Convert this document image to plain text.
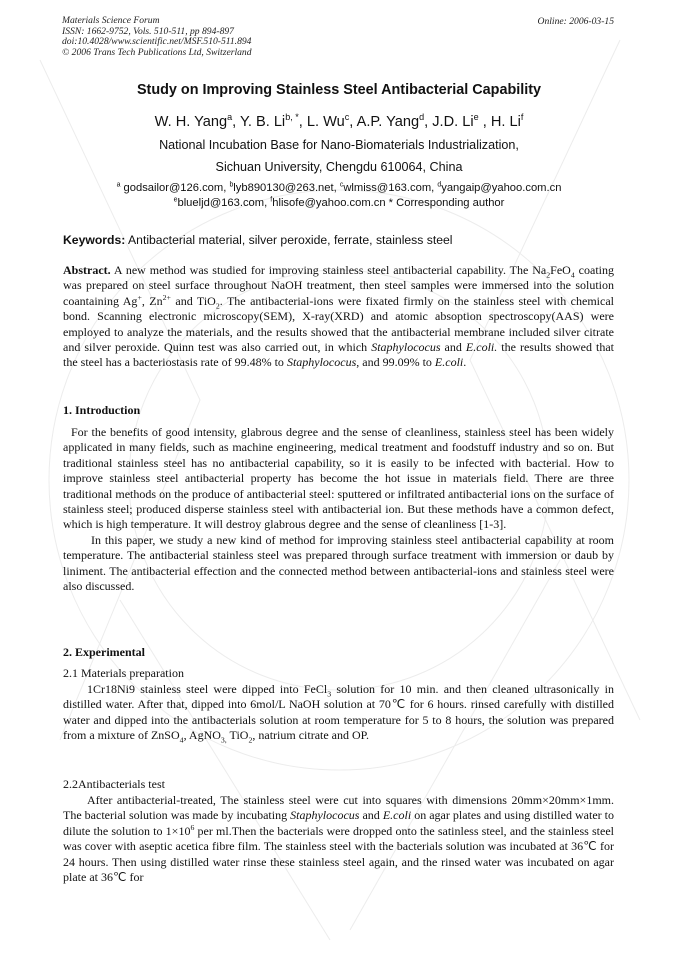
Materials Science Forum
ISSN: 1662-9752, Vols. 510-511, pp 894-897
doi:10.4028/www.scientific.net/MSF.510-511.894
© 2006 Trans Tech Publications Ltd, Switzerland
Online: 2006-03-15
Study on Improving Stainless Steel Antibacterial Capability
W. H. Yang$^a$, Y. B. $Li^{b, *}$, L. Wu$^c$, A.P. Yang$^d$, J.D. Li$^e$ , H. Li$^f$
National Incubation Base for Nano-Biomaterials Industrialization,
Sichuan University, Chengdu 610064, China
$^a$ godsailor@126.com, $^b$lyb890130@263.net, $^c$wlmiss@163.com, $^d$yangaip@yahoo.com.cn
$^e$blueljd@163.com, $^f$hlisofe@yahoo.com.cn * Corresponding author
Keywords: Antibacterial material, silver peroxide, ferrate, stainless steel

Abstract. A new method was studied for improving stainless steel antibacterial capability. The $Na_2FeO_4$ coating was prepared on steel surface throughout NaOH treatment, then steel samples were immersed into the solution coantaining Ag+, $Zn^{2+}$ and TiO$_2$. The antibacterial-ions were fixated firmly on the stainless steel with chemical bond. Scanning electronic microscopy(SEM), X-ray(XRD) and atomic absoption spectroscopy(AAS) were employed to analyze the materials, and the results showed that the antibacterial membrane included silver citrate and silver peroxide. Quinn test was also carried out, in which Staphylococus and E.coli. the results showed that the steel has a bacteriostasis rate of 99.48% to Staphylococus, and 99.09% to E.coli.

1. Introduction

For the benefits of good intensity, glabrous degree and the sense of cleanliness, stainless steel has been widely applicated in many fields, such as machine engineering, medical treatment and foodstuff industry and so on. But traditional stainless steel has no antibacterial capability, so it is easily to be infected with bacterial. How to improve stainless steel antibacterial property has become the hot issue in materials field. There are three traditional methods on the produce of antibacterial steel: sputtered or infiltrated antibacterial ions on the surface of stainless steel; produced disperse stainless steel with antibacterial ion. But these methods have a common defect, which is high temperature. It will destroy glabrous degree and the sense of cleanliness [1-3].

In this paper, we study a new kind of method for improving stainless steel antibacterial capability at room temperature. The antibacterial stainless steel was prepared through surface treatment with immersion or daub by liniment. The antibacterial effection and the connected method between antibacterial-ions and stainless steel were also discussed.

2. Experimental
2.1 Materials preparation

1Cr18Ni9 stainless steel were dipped into FeCl$_3$ solution for 10 min. and then cleaned ultrasonically in distilled water. After that, dipped into 6mol/L NaOH solution at 70℃ for 6 hours. rinsed carefully with distilled water and dipped into the antibacterials solution at room temperature for 5 to 8 hours, the solution was prepared from a mixture of ZnSO$_4$, AgNO$_{3,}$ TiO$_2$, natrium citrate and OP.

2.2Antibacterials test

After antibacterial-treated, The stainless steel were cut into squares with dimensions 20mm×20mm×1mm. The bacterial solution was made by incubating Staphylococus and E.coli on agar plates and using distilled water to dilute the solution to $1\times 10^6$ per ml.Then the bacterials were dropped onto the satinless steel, and the stainless steel was cover with aseptic acetica fibre film. The stainless steel with the bacterials solution was incubated at 36℃ for 24 hours. Then using distilled water rinse these stainless steel again, and the rinsed water was incubated on agar plate at 36℃ for
